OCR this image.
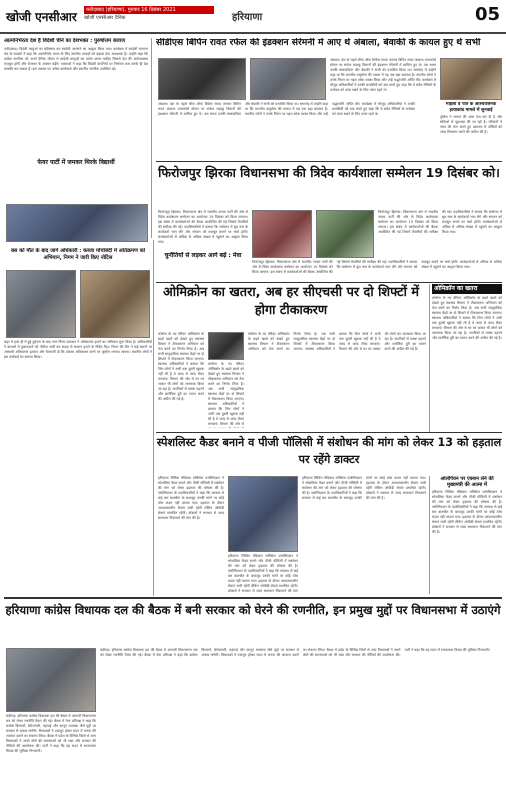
खोजी एनसीआर	फरीदाबाद (हरियाणा), गुरुवार 16 दिसंबर 2021
खोजी एनसीआर दैनिक	हरियाणा	05
आत्मनिर्भरता देश है विदेशी चीनें का देशभक्त : पुरुषोत्तम बजाज
फरीदाबाद। विदेशी वस्तुओं का बहिष्कार कर स्वदेशी अपनाने का आह्वान किया गया। कार्यक्रम में स्वदेशी जागरण मंच के सदस्यों ने कहा कि आत्मनिर्भर भारत के लिए स्थानीय उत्पादों को बढ़ावा देना आवश्यक है। उन्होंने कहा कि प्रत्येक नागरिक को अपने दैनिक जीवन में स्वदेशी वस्तुओं का प्रयोग करना चाहिए जिससे देश की अर्थव्यवस्था मजबूत होगी और रोजगार के अवसर बढ़ेंगे। वक्ताओं ने कहा कि विदेशी कंपनियों पर निर्भरता कम करके ही देश तरक्की कर सकता है। इस अवसर पर अनेक कार्यकर्ता और स्थानीय नागरिक उपस्थित रहे।
फेयर पार्टी में जमकर थिरके विद्यार्थी
सीडीएस बिपिन रावत रफेल की इंडक्शन सेरेमनी में आए थे अंबाला, बेवाकी के कायल हुए थे सभी
अंबाला। देश के पहले चीफ ऑफ डिफेंस स्टाफ जनरल बिपिन रावत अंबाला एयरफोर्स स्टेशन पर राफेल लड़ाकू विमानों की इंडक्शन सेरेमनी में शामिल हुए थे। उस समय उनकी स्पष्टवादिता और बेवाकी ने सभी को प्रभावित किया था। समारोह में उन्होंने कहा था कि भारतीय वायुसेना की ताकत में यह एक बड़ा बदलाव है। स्थानीय लोगों ने उनके निधन पर गहरा शोक व्यक्त किया और उन्हें श्रद्धांजलि अर्पित की। कार्यक्रम में मौजूद अधिकारियों ने उनकी कार्यशैली को याद करते हुए कहा कि वे सदैव सैनिकों के मनोबल को ऊंचा रखने के लिए तत्पर रहते थे।
अंबाला। देश के पहले चीफ ऑफ डिफेंस स्टाफ जनरल बिपिन रावत अंबाला एयरफोर्स स्टेशन पर राफेल लड़ाकू विमानों की इंडक्शन सेरेमनी में शामिल हुए थे। उस समय उनकी स्पष्टवादिता और बेवाकी ने सभी को प्रभावित किया था। समारोह में उन्होंने कहा था कि भारतीय वायुसेना की ताकत में यह एक बड़ा बदलाव है। स्थानीय लोगों ने उनके निधन पर गहरा शोक व्यक्त किया और उन्हें श्रद्धांजलि अर्पित की। कार्यक्रम में मौजूद अधिकारियों ने उनकी कार्यशैली को याद करते हुए कहा कि वे सदैव सैनिकों के मनोबल को ऊंचा रखने के लिए तत्पर रहते थे।
फिरोजपुर झिरका विधानसभा की त्रिदेव कार्यशाला सम्मेलन 19 दिसंबर को।
फिरोजपुर झिरका। विधानसभा क्षेत्र में भारतीय जनता पार्टी की ओर से त्रिदेव कार्यशाला सम्मेलन का आयोजन 19 दिसंबर को किया जाएगा। इस संबंध में कार्यकर्ताओं की बैठक आयोजित की गई जिसमें तैयारियों की समीक्षा की गई। पदाधिकारियों ने बताया कि सम्मेलन में बूथ स्तर के कार्यकर्ता भाग लेंगे और संगठन को मजबूत बनाने पर चर्चा होगी। कार्यकर्ताओं से अधिक से अधिक संख्या में पहुंचने का आह्वान किया गया।
फिरोजपुर झिरका। विधानसभा क्षेत्र में भारतीय जनता पार्टी की ओर से त्रिदेव कार्यशाला सम्मेलन का आयोजन 19 दिसंबर को किया जाएगा। इस संबंध में कार्यकर्ताओं की बैठक आयोजित की गई जिसमें तैयारियों की समीक्षा की गई। पदाधिकारियों ने बताया कि सम्मेलन में बूथ स्तर के कार्यकर्ता भाग लेंगे और संगठन को मजबूत बनाने पर चर्चा होगी। कार्यकर्ताओं से अधिक से अधिक संख्या में पहुंचने का आह्वान किया गया।
चुनौतियों से लड़कर आगे बढ़ें : मेवा
फिरोजपुर झिरका। विधानसभा क्षेत्र में भारतीय जनता पार्टी की ओर से त्रिदेव कार्यशाला सम्मेलन का आयोजन 19 दिसंबर को किया जाएगा। इस संबंध में कार्यकर्ताओं की बैठक आयोजित की गई जिसमें तैयारियों की समीक्षा की गई। पदाधिकारियों ने बताया कि सम्मेलन में बूथ स्तर के कार्यकर्ता भाग लेंगे और संगठन को मजबूत बनाने पर चर्चा होगी। कार्यकर्ताओं से अधिक से अधिक संख्या में पहुंचने का आह्वान किया गया।
बस को मौत के बाद जागे अधिकारी : कब्जा मोर्चाबंदी में अतिक्रमण को अभियान, निगम ने जारी किए नोटिस
शहर में हाल ही में हुई दुर्घटना के बाद नगर निगम प्रशासन ने अतिक्रमण हटाने का अभियान शुरू किया है। अधिकारियों ने बाजारों में दुकानदारों को नोटिस जारी कर सड़क से सामान हटाने के निर्देश दिए। निगम की टीम ने कई स्थानों पर अस्थायी अतिक्रमण हटवाए और चेतावनी दी कि दोबारा अतिक्रमण करने पर जुर्माना लगाया जाएगा। स्थानीय लोगों ने इस कार्रवाई का स्वागत किया।
ओमिक्रोन का खतरा, अब हर सीएचसी पर दो शिफ्टों में होगा टीकाकरण
कोरोना के नए वेरिएंट ओमिक्रोन के बढ़ते खतरे को देखते हुए स्वास्थ्य विभाग ने टीकाकरण अभियान को तेज करने का निर्णय लिया है। अब सभी सामुदायिक स्वास्थ्य केंद्रों पर दो शिफ्टों में टीकाकरण किया जाएगा। स्वास्थ्य अधिकारियों ने बताया कि जिन लोगों ने अभी तक दूसरी खुराक नहीं ली है वे जल्द से जल्द टीका लगवाएं। विभाग की ओर से घर घर जाकर भी लोगों को जागरूक किया जा रहा है। नागरिकों से मास्क पहनने और शारीरिक दूरी का पालन करने की अपील की गई है।
कोरोना के नए वेरिएंट ओमिक्रोन के बढ़ते खतरे को देखते हुए स्वास्थ्य विभाग ने टीकाकरण अभियान को तेज करने का निर्णय लिया है। अब सभी सामुदायिक स्वास्थ्य केंद्रों पर दो शिफ्टों में टीकाकरण किया जाएगा। स्वास्थ्य अधिकारियों ने बताया कि जिन लोगों ने अभी तक दूसरी खुराक नहीं ली है वे जल्द से जल्द टीका लगवाएं। विभाग की ओर से घर घर जाकर भी लोगों को जागरूक किया जा रहा है। नागरिकों से मास्क पहनने और शारीरिक दूरी का पालन करने की अपील की गई है।
कोरोना के नए वेरिएंट ओमिक्रोन के बढ़ते खतरे को देखते हुए स्वास्थ्य विभाग ने टीकाकरण अभियान को तेज करने का निर्णय लिया है। अब सभी सामुदायिक स्वास्थ्य केंद्रों पर दो शिफ्टों में टीकाकरण किया जाएगा। स्वास्थ्य अधिकारियों ने बताया कि जिन लोगों ने अभी तक दूसरी खुराक नहीं ली है वे जल्द से जल्द टीका लगवाएं। विभाग की ओर से
ओमिक्रॉन का खतरा
कोरोना के नए वेरिएंट ओमिक्रोन के बढ़ते खतरे को देखते हुए स्वास्थ्य विभाग ने टीकाकरण अभियान को तेज करने का निर्णय लिया है। अब सभी सामुदायिक स्वास्थ्य केंद्रों पर दो शिफ्टों में टीकाकरण किया जाएगा। स्वास्थ्य अधिकारियों ने बताया कि जिन लोगों ने अभी तक दूसरी खुराक नहीं ली है वे जल्द से जल्द टीका लगवाएं। विभाग की ओर से घर घर जाकर भी लोगों को जागरूक किया जा रहा है। नागरिकों से मास्क पहनने और शारीरिक दूरी का पालन करने की अपील की गई है।
महिला व पति के आश्चर्यजनक हत्याकांड मामले में सुनवाई
पुलिस ने मामले की जांच तेज कर दी है और संदिग्धों से पूछताछ की जा रही है। परिजनों ने न्याय की मांग करते हुए प्रशासन से दोषियों को जल्द गिरफ्तार करने की अपील की है।
स्पेशलिस्ट कैडर बनाने व पीजी पॉलिसी में संशोधन की मांग को लेकर 13 को हड़ताल पर रहेंगे डाक्टर
हरियाणा सिविल मेडिकल सर्विसेज एसोसिएशन ने स्पेशलिस्ट कैडर बनाने और पीजी पॉलिसी में संशोधन की मांग को लेकर हड़ताल की घोषणा की है। एसोसिएशन के पदाधिकारियों ने कहा कि सरकार से कई बार बातचीत के बावजूद उनकी मांगों पर कोई ठोस कदम नहीं उठाया गया। हड़ताल के दौरान आपातकालीन सेवाएं जारी रहेंगी लेकिन ओपीडी सेवाएं प्रभावित रहेंगी। डॉक्टरों ने सरकार से जल्द समाधान निकालने की मांग की है।
हरियाणा सिविल मेडिकल सर्विसेज एसोसिएशन ने स्पेशलिस्ट कैडर बनाने और पीजी पॉलिसी में संशोधन की मांग को लेकर हड़ताल की घोषणा की है। एसोसिएशन के पदाधिकारियों ने कहा कि सरकार से कई बार बातचीत के बावजूद उनकी मांगों पर कोई ठोस कदम नहीं उठाया गया। हड़ताल के दौरान आपातकालीन सेवाएं जारी रहेंगी लेकिन ओपीडी सेवाएं प्रभावित रहेंगी। डॉक्टरों ने सरकार से जल्द समाधान निकालने की मांग की है।
हरियाणा सिविल मेडिकल सर्विसेज एसोसिएशन ने स्पेशलिस्ट कैडर बनाने और पीजी पॉलिसी में संशोधन की मांग को लेकर हड़ताल की घोषणा की है। एसोसिएशन के पदाधिकारियों ने कहा कि सरकार से कई बार बातचीत के बावजूद उनकी मांगों पर कोई ठोस कदम नहीं उठाया गया। हड़ताल के दौरान आपातकालीन सेवाएं जारी रहेंगी लेकिन ओपीडी सेवाएं प्रभावित रहेंगी। डॉक्टरों ने सरकार से जल्द समाधान निकालने की मांग
ओलंपियन पर एक्शन लेने की मुख्यमंत्री की आत्मा में
हरियाणा सिविल मेडिकल सर्विसेज एसोसिएशन ने स्पेशलिस्ट कैडर बनाने और पीजी पॉलिसी में संशोधन की मांग को लेकर हड़ताल की घोषणा की है। एसोसिएशन के पदाधिकारियों ने कहा कि सरकार से कई बार बातचीत के बावजूद उनकी मांगों पर कोई ठोस कदम नहीं उठाया गया। हड़ताल के दौरान आपातकालीन सेवाएं जारी रहेंगी लेकिन ओपीडी सेवाएं प्रभावित रहेंगी। डॉक्टरों ने सरकार से जल्द समाधान निकालने की मांग की है।
हरियाणा कांग्रेस विधायक दल की बैठक में बनी सरकार को घेरने की रणनीति, इन प्रमुख मुद्दों पर विधानसभा में उठाएंगे
चंडीगढ़। हरियाणा कांग्रेस विधायक दल की बैठक में आगामी विधानसभा सत्र को लेकर रणनीति तैयार की गई। बैठक में नेता प्रतिपक्ष ने कहा कि कांग्रेस किसानों, बेरोजगारी, महंगाई और कानून व्यवस्था जैसे मुद्दों पर सरकार से जवाब मांगेगी। विधायकों ने एकजुट होकर सदन में जनता की आवाज उठाने का संकल्प लिया। बैठक में प्रदेश के विभिन्न जिलों से आए विधायकों ने अपने क्षेत्रों की समस्याओं को भी रखा और सरकार की नीतियों की आलोचना की। पार्टी ने कहा कि वह सदन में रचनात्मक विपक्ष की भूमिका निभाएगी।
चंडीगढ़। हरियाणा कांग्रेस विधायक दल की बैठक में आगामी विधानसभा सत्र को लेकर रणनीति तैयार की गई। बैठक में नेता प्रतिपक्ष ने कहा कि कांग्रेस किसानों, बेरोजगारी, महंगाई और कानून व्यवस्था जैसे मुद्दों पर सरकार से जवाब मांगेगी। विधायकों ने एकजुट होकर सदन में जनता की आवाज उठाने का संकल्प लिया। बैठक में प्रदेश के विभिन्न जिलों से आए विधायकों ने अपने क्षेत्रों की समस्याओं को भी रखा और सरकार की नीतियों की आलोचना की। पार्टी ने कहा कि वह सदन में रचनात्मक विपक्ष की भूमिका निभाएगी।
